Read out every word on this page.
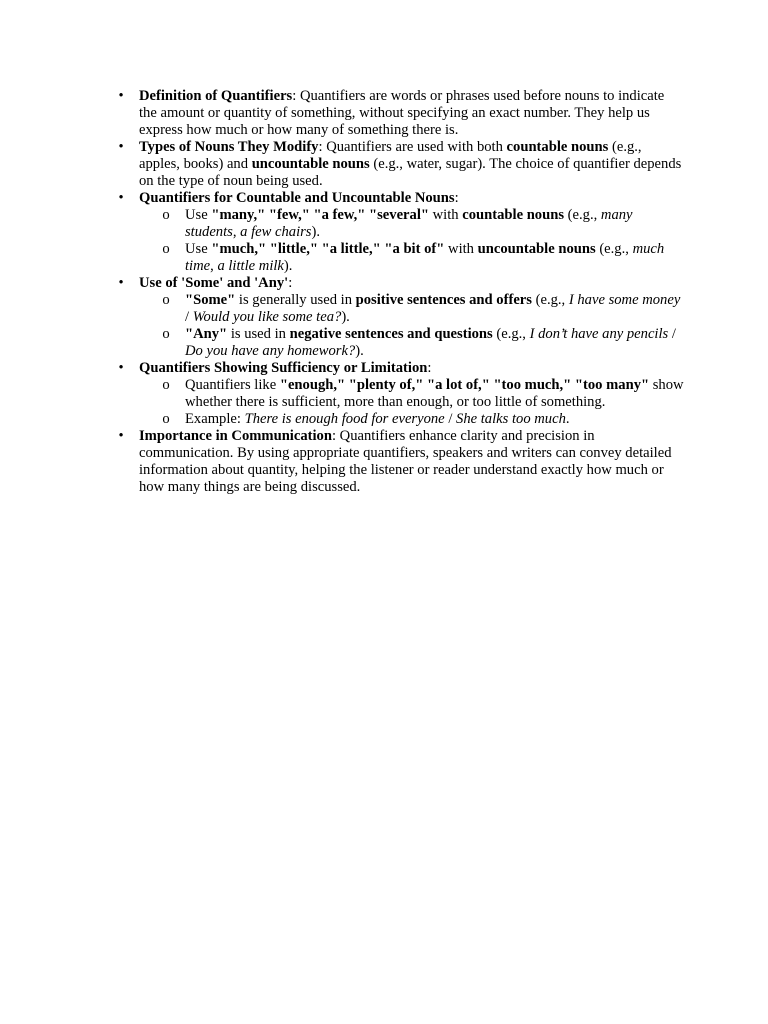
• Definition of Quantifiers: Quantifiers are words or phrases used before nouns to indicate the amount or quantity of something, without specifying an exact number. They help us express how much or how many of something there is.
• Types of Nouns They Modify: Quantifiers are used with both countable nouns (e.g., apples, books) and uncountable nouns (e.g., water, sugar). The choice of quantifier depends on the type of noun being used.
• Quantifiers for Countable and Uncountable Nouns:
o Use "many," "few," "a few," "several" with countable nouns (e.g., many students, a few chairs).
o Use "much," "little," "a little," "a bit of" with uncountable nouns (e.g., much time, a little milk).
• Use of 'Some' and 'Any':
o "Some" is generally used in positive sentences and offers (e.g., I have some money / Would you like some tea?).
o "Any" is used in negative sentences and questions (e.g., I don’t have any pencils / Do you have any homework?).
• Quantifiers Showing Sufficiency or Limitation:
o Quantifiers like "enough," "plenty of," "a lot of," "too much," "too many" show whether there is sufficient, more than enough, or too little of something.
o Example: There is enough food for everyone / She talks too much.
• Importance in Communication: Quantifiers enhance clarity and precision in communication. By using appropriate quantifiers, speakers and writers can convey detailed information about quantity, helping the listener or reader understand exactly how much or how many things are being discussed.
